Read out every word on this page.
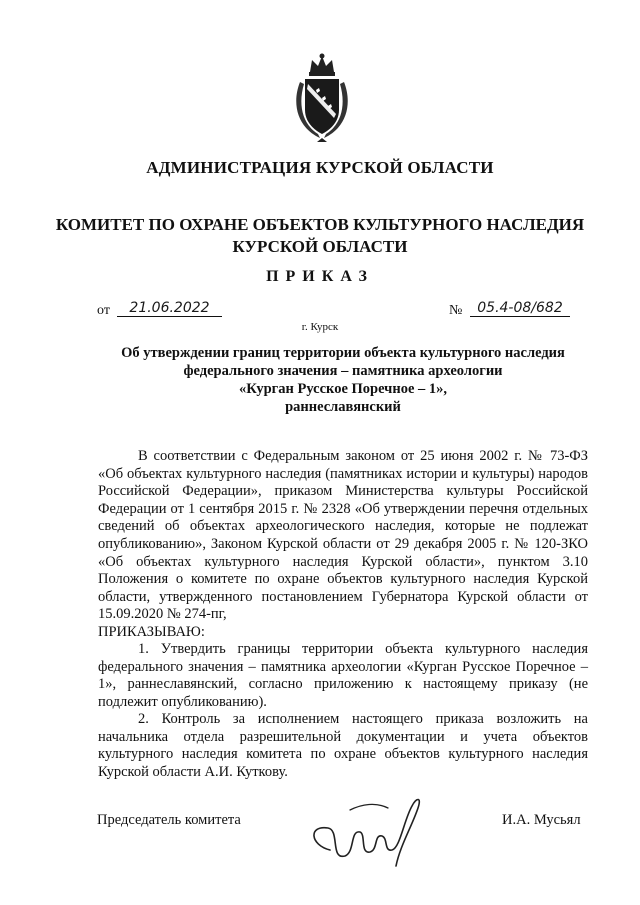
АДМИНИСТРАЦИЯ КУРСКОЙ ОБЛАСТИ
КОМИТЕТ ПО ОХРАНЕ ОБЪЕКТОВ КУЛЬТУРНОГО НАСЛЕДИЯ
КУРСКОЙ ОБЛАСТИ
ПРИКАЗ
от	21.06.2022	№	05.4-08/682
г. Курск
Об утверждении границ территории объекта культурного наследия
федерального значения – памятника археологии
«Курган Русское Поречное – 1»,
раннеславянский
В соответствии с Федеральным законом от 25 июня 2002 г. № 73-ФЗ «Об объектах культурного наследия (памятниках истории и культуры) народов Российской Федерации», приказом Министерства культуры Российской Федерации от 1 сентября 2015 г. № 2328 «Об утверждении перечня отдельных сведений об объектах археологического наследия, которые не подлежат опубликованию», Законом Курской области от 29 декабря 2005 г. № 120-ЗКО «Об объектах культурного наследия Курской области», пунктом 3.10 Положения о комитете по охране объектов культурного наследия Курской области, утвержденного постановлением Губернатора Курской области от 15.09.2020 № 274-пг,
ПРИКАЗЫВАЮ:
1. Утвердить границы территории объекта культурного наследия федерального значения – памятника археологии «Курган Русское Поречное – 1», раннеславянский, согласно приложению к настоящему приказу (не подлежит опубликованию).
2. Контроль за исполнением настоящего приказа возложить на начальника отдела разрешительной документации и учета объектов культурного наследия комитета по охране объектов культурного наследия Курской области А.И. Куткову.
Председатель комитета	И.А. Мусьял
